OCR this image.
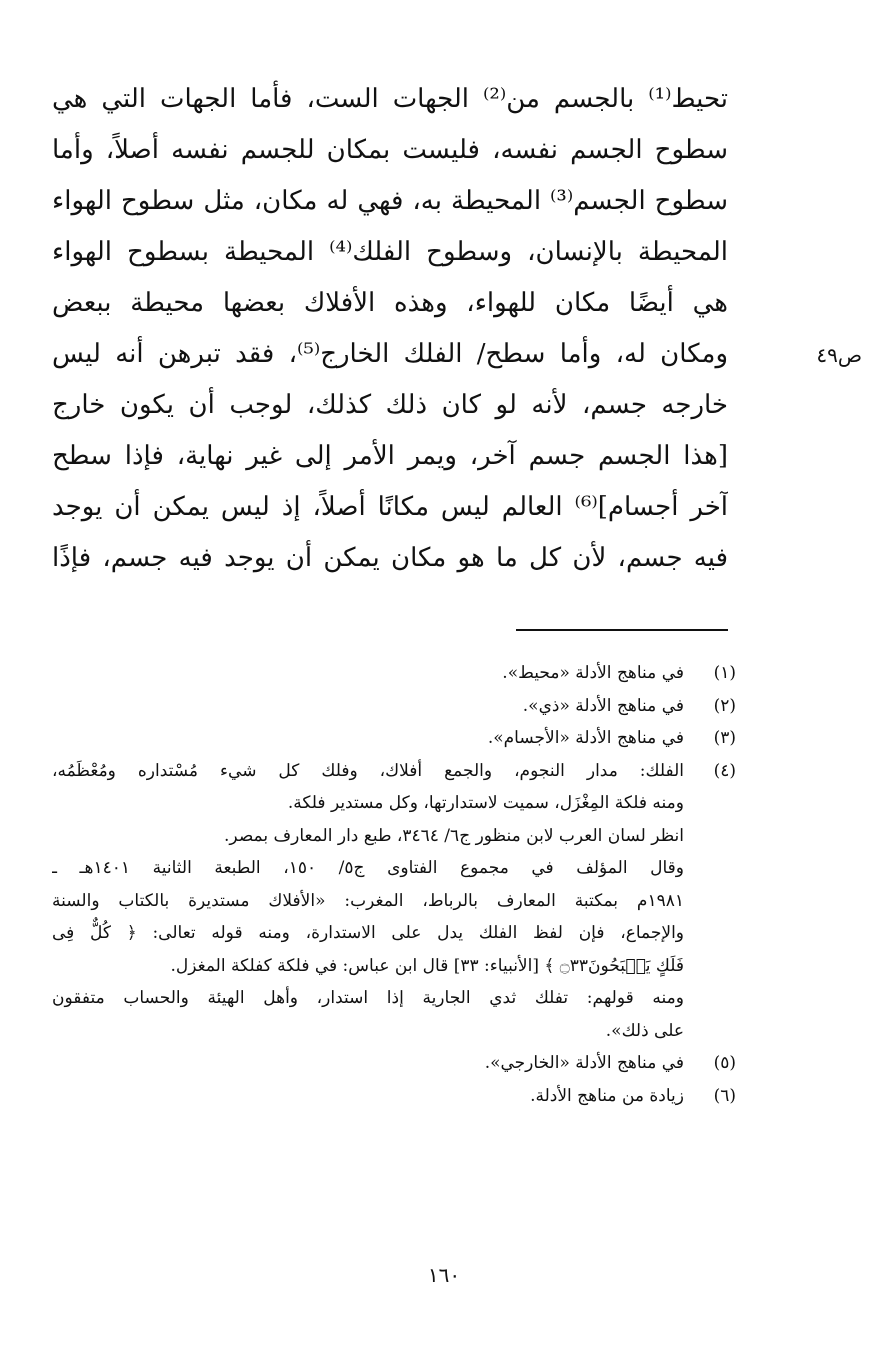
تحيط⁽¹⁾ بالجسم من⁽²⁾ الجهات الست، فأما الجهات التي هي
سطوح الجسم نفسه، فليست بمكان للجسم نفسه أصلاً، وأما
سطوح الجسم⁽³⁾ المحيطة به، فهي له مكان، مثل سطوح الهواء
المحيطة بالإنسان، وسطوح الفلك⁽⁴⁾ المحيطة بسطوح الهواء
هي أيضًا مكان للهواء، وهذه الأفلاك بعضها محيطة ببعض
ومكان له، وأما سطح/ الفلك الخارج⁽⁵⁾، فقد تبرهن أنه ليس
خارجه جسم، لأنه لو كان ذلك كذلك، لوجب أن يكون خارج
[هذا الجسم جسم آخر، ويمر الأمر إلى غير نهاية، فإذا سطح
آخر أجسام]⁽⁶⁾ العالم ليس مكانًا أصلاً، إذ ليس يمكن أن يوجد
فيه جسم، لأن كل ما هو مكان يمكن أن يوجد فيه جسم، فإذًا
ص٤٩
(١)
في مناهج الأدلة «محيط».
(٢)
في مناهج الأدلة «ذي».
(٣)
في مناهج الأدلة «الأجسام».
(٤)
الفلك: مدار النجوم، والجمع أفلاك، وفلك كل شيء مُسْتداره ومُعْظَمُه،
ومنه فلكة المِغْزَل، سميت لاستدارتها، وكل مستدير فلكة.
انظر لسان العرب لابن منظور ج٦/ ٣٤٦٤، طبع دار المعارف بمصر.
وقال المؤلف في مجموع الفتاوى ج٥/ ١٥٠، الطبعة الثانية ١٤٠١هـ ـ
١٩٨١م بمكتبة المعارف بالرباط، المغرب: «الأفلاك مستديرة بالكتاب والسنة
والإجماع، فإن لفظ الفلك يدل على الاستدارة، ومنه قوله تعالى: ﴿ كُلٌّ فِى
فَلَكٍ يَسۡبَحُونَ۝٣٣ ﴾ [الأنبياء: ٣٣] قال ابن عباس: في فلكة كفلكة المغزل.
ومنه قولهم: تفلك ثدي الجارية إذا استدار، وأهل الهيئة والحساب متفقون
على ذلك».
(٥)
في مناهج الأدلة «الخارجي».
(٦)
زيادة من مناهج الأدلة.
١٦٠
